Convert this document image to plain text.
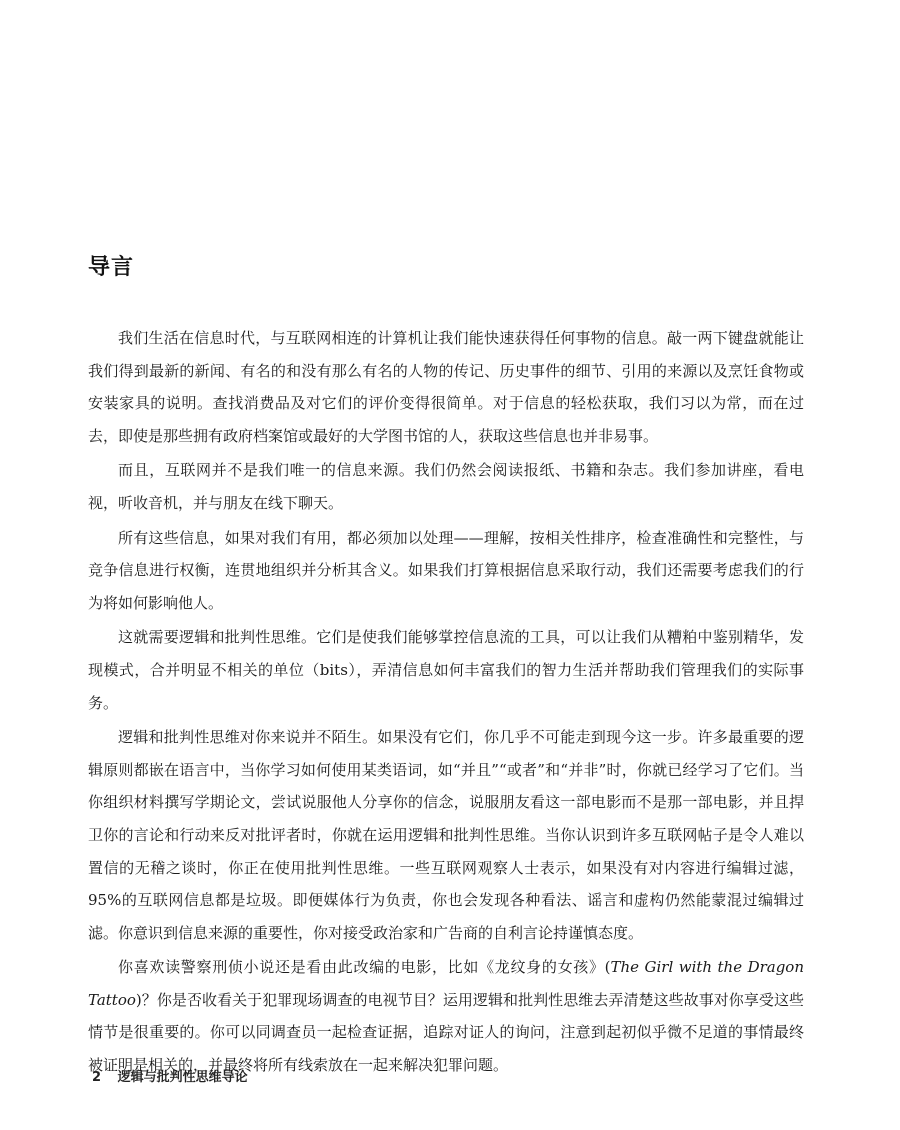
导言

我们生活在信息时代，与互联网相连的计算机让我们能快速获得任何事物的信息。敲一两下键盘就能让我们得到最新的新闻、有名的和没有那么有名的人物的传记、历史事件的细节、引用的来源以及烹饪食物或安装家具的说明。查找消费品及对它们的评价变得很简单。对于信息的轻松获取，我们习以为常，而在过去，即使是那些拥有政府档案馆或最好的大学图书馆的人，获取这些信息也并非易事。

而且，互联网并不是我们唯一的信息来源。我们仍然会阅读报纸、书籍和杂志。我们参加讲座，看电视，听收音机，并与朋友在线下聊天。

所有这些信息，如果对我们有用，都必须加以处理——理解，按相关性排序，检查准确性和完整性，与竞争信息进行权衡，连贯地组织并分析其含义。如果我们打算根据信息采取行动，我们还需要考虑我们的行为将如何影响他人。

这就需要逻辑和批判性思维。它们是使我们能够掌控信息流的工具，可以让我们从糟粕中鉴别精华，发现模式，合并明显不相关的单位（bits），弄清信息如何丰富我们的智力生活并帮助我们管理我们的实际事务。

逻辑和批判性思维对你来说并不陌生。如果没有它们，你几乎不可能走到现今这一步。许多最重要的逻辑原则都嵌在语言中，当你学习如何使用某类语词，如“并且”“或者”和“并非”时，你就已经学习了它们。当你组织材料撰写学期论文，尝试说服他人分享你的信念，说服朋友看这一部电影而不是那一部电影，并且捍卫你的言论和行动来反对批评者时，你就在运用逻辑和批判性思维。当你认识到许多互联网帖子是令人难以置信的无稽之谈时，你正在使用批判性思维。一些互联网观察人士表示，如果没有对内容进行编辑过滤，95%的互联网信息都是垃圾。即便媒体行为负责，你也会发现各种看法、谣言和虚构仍然能蒙混过编辑过滤。你意识到信息来源的重要性，你对接受政治家和广告商的自利言论持谨慎态度。

你喜欢读警察刑侦小说还是看由此改编的电影，比如《龙纹身的女孩》(The Girl with the Dragon Tattoo)？你是否收看关于犯罪现场调查的电视节目？运用逻辑和批判性思维去弄清楚这些故事对你享受这些情节是很重要的。你可以同调查员一起检查证据，追踪对证人的询问，注意到起初似乎微不足道的事情最终被证明是相关的，并最终将所有线索放在一起来解决犯罪问题。

2 逻辑与批判性思维导论
